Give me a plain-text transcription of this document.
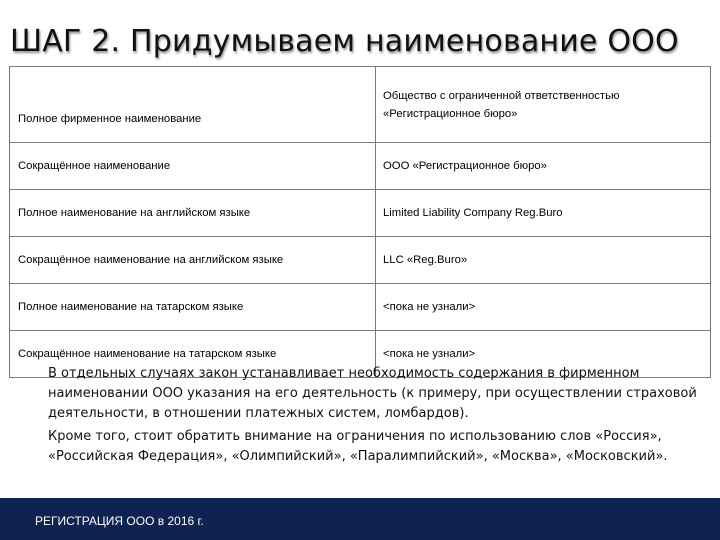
ШАГ 2. Придумываем наименование ООО
Полное фирменное наименование	Общество с ограниченной ответственностью
«Регистрационное бюро»
Сокращённое наименование	ООО «Регистрационное бюро»
Полное наименование на английском языке	Limited Liability Company Reg.Buro
Сокращённое наименование на английском языке	LLC «Reg.Buro»
Полное наименование на татарском языке	<пока не узнали>
Сокращённое наименование на татарском языке	<пока не узнали>

В отдельных случаях закон устанавливает необходимость содержания в фирменном наименовании ООО указания на его деятельность (к примеру, при осуществлении страховой деятельности, в отношении платежных систем, ломбардов).

Кроме того, стоит обратить внимание на ограничения по использованию слов «Россия», «Российская Федерация», «Олимпийский», «Паралимпийский», «Москва», «Московский».

РЕГИСТРАЦИЯ ООО в 2016 г.
